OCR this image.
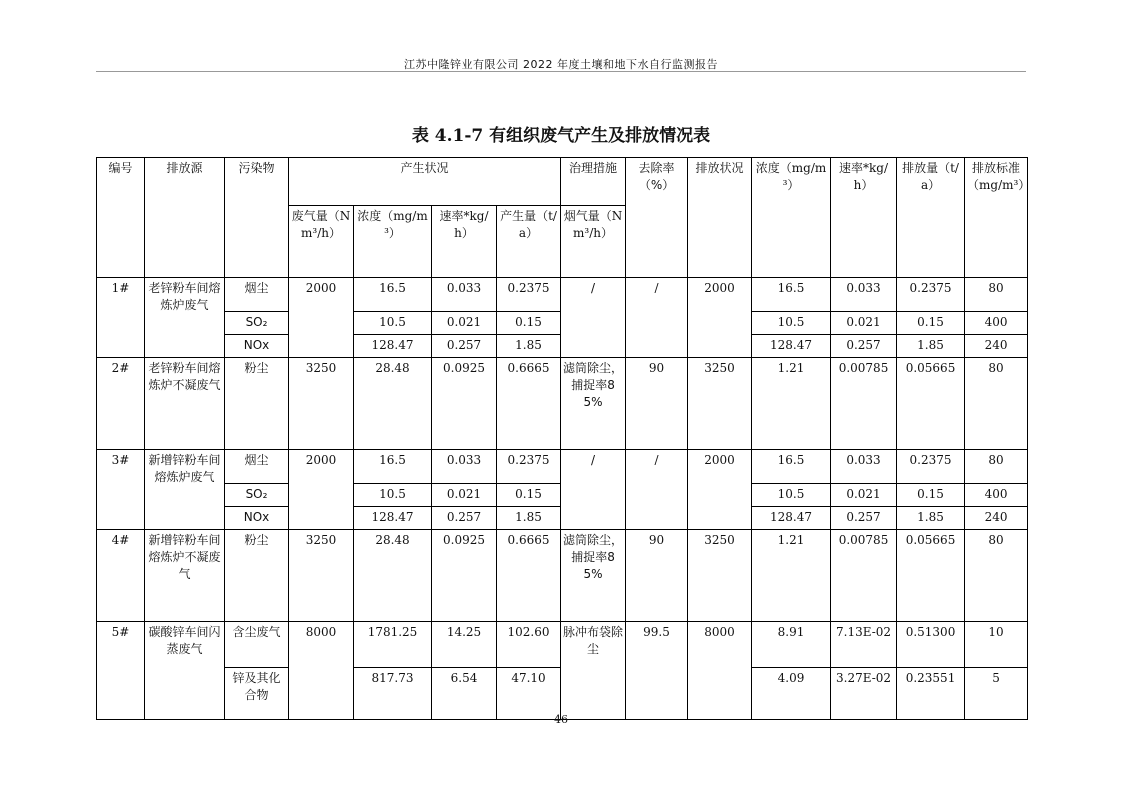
江苏中隆锌业有限公司 2022 年度土壤和地下水自行监测报告
表 4.1-7 有组织废气产生及排放情况表
编号	排放源	污染物	产生状况				治理措施	去除率（%）	排放状况	浓度（mg/m³）	速率*kg/h）	排放量（t/a）	排放标准（mg/m³）
			废气量（Nm³/h）	浓度（mg/m³）	速率*kg/h）	产生量（t/a）	烟气量（Nm³/h）						
1#	老锌粉车间熔炼炉废气	烟尘	2000	16.5	0.033	0.2375	/	/	2000	16.5	0.033	0.2375	80
		SO₂		10.5	0.021	0.15				10.5	0.021	0.15	400
		NOx		128.47	0.257	1.85				128.47	0.257	1.85	240
2#	老锌粉车间熔炼炉不凝废气	粉尘	3250	28.48	0.0925	0.6665	滤筒除尘，捕捉率85%	90	3250	1.21	0.00785	0.05665	80
3#	新增锌粉车间熔炼炉废气	烟尘	2000	16.5	0.033	0.2375	/	/	2000	16.5	0.033	0.2375	80
		SO₂		10.5	0.021	0.15				10.5	0.021	0.15	400
		NOx		128.47	0.257	1.85				128.47	0.257	1.85	240
4#	新增锌粉车间熔炼炉不凝废气	粉尘	3250	28.48	0.0925	0.6665	滤筒除尘，捕捉率85%	90	3250	1.21	0.00785	0.05665	80
5#	碳酸锌车间闪蒸废气	含尘废气	8000	1781.25	14.25	102.60	脉冲布袋除尘	99.5	8000	8.91	7.13E-02	0.51300	10
		锌及其化合物		817.73	6.54	47.10				4.09	3.27E-02	0.23551	5
46
